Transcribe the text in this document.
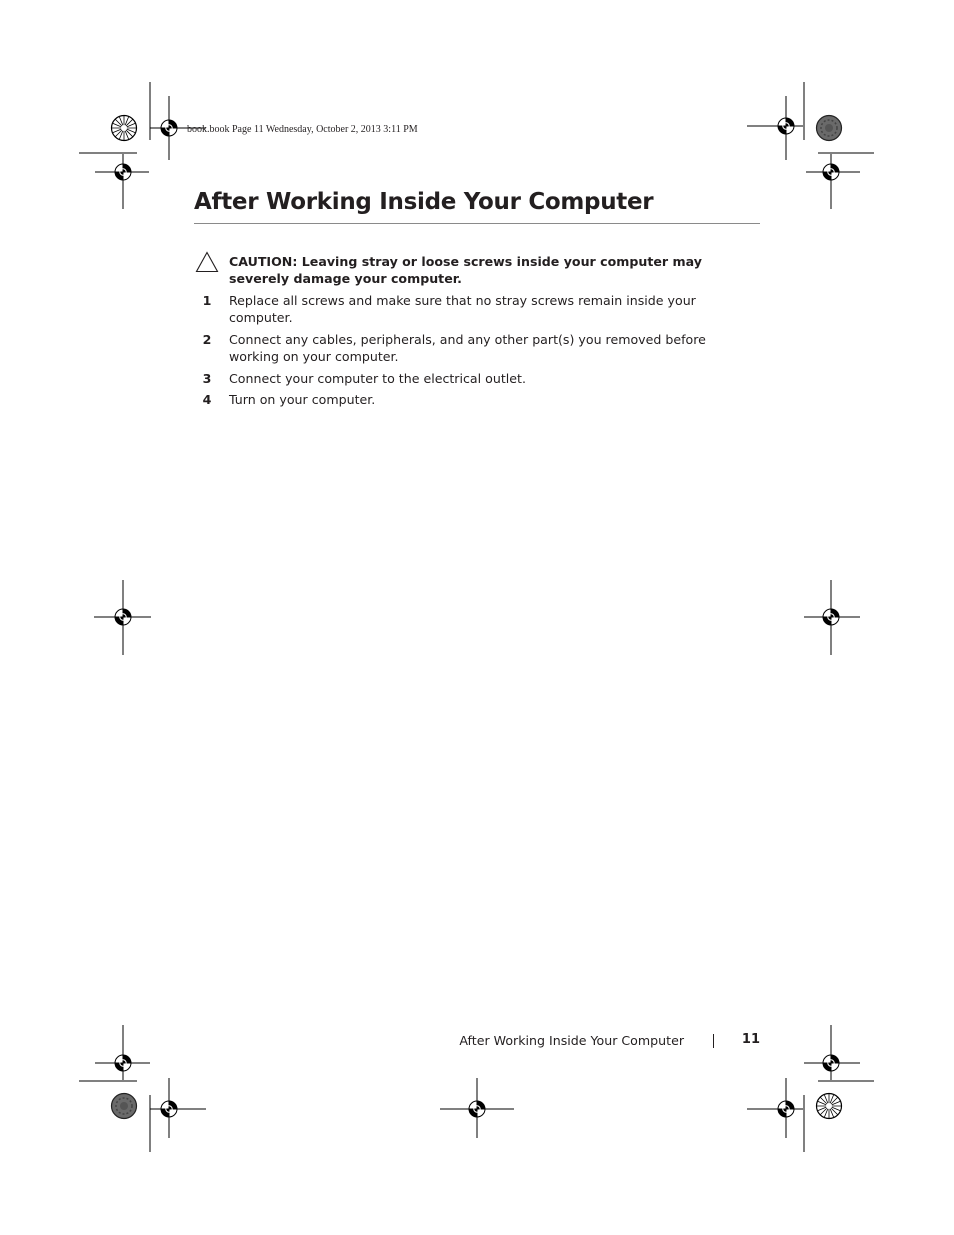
book.book Page 11 Wednesday, October 2, 2013 3:11 PM
After Working Inside Your Computer
CAUTION: Leaving stray or loose screws inside your computer may severely damage your computer.
1 Replace all screws and make sure that no stray screws remain inside your computer.
2 Connect any cables, peripherals, and any other part(s) you removed before working on your computer.
3 Connect your computer to the electrical outlet.
4 Turn on your computer.
After Working Inside Your Computer	11
